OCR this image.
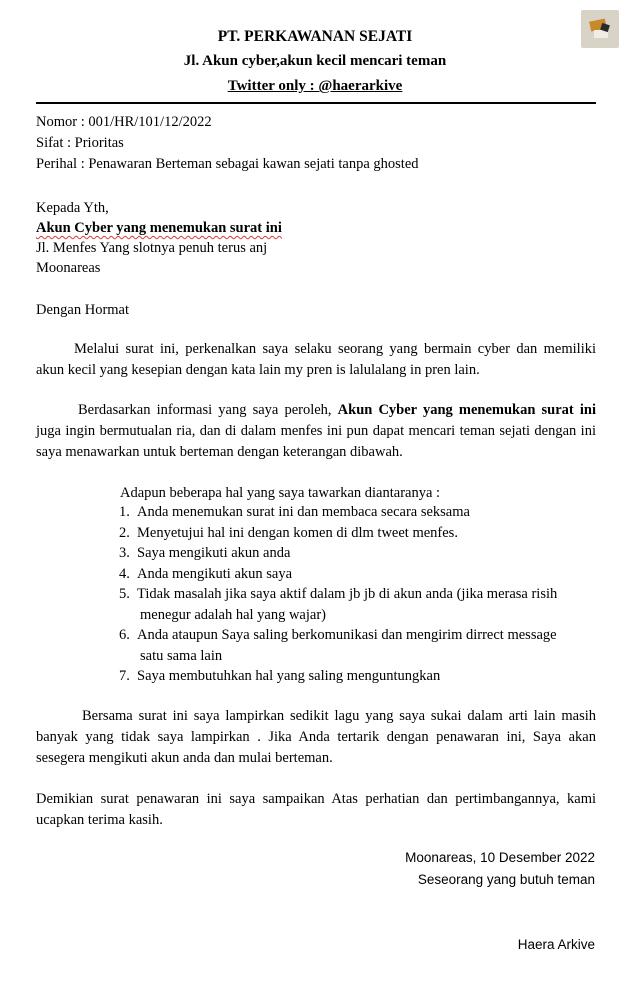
PT. PERKAWANAN SEJATI
Jl. Akun cyber,akun kecil mencari teman
Twitter only : @haerarkive
Nomor : 001/HR/101/12/2022
Sifat : Prioritas
Perihal : Penawaran Berteman sebagai kawan sejati tanpa ghosted
Kepada Yth,
Akun Cyber yang menemukan surat ini
Jl. Menfes Yang slotnya penuh terus anj
Moonareas
Dengan Hormat
Melalui surat ini, perkenalkan saya selaku seorang yang bermain cyber dan memiliki akun kecil yang kesepian dengan kata lain my pren is lalulalang in pren lain.
Berdasarkan informasi yang saya peroleh, Akun Cyber yang menemukan surat ini juga ingin bermutualan ria, dan di dalam menfes ini pun dapat mencari teman sejati dengan ini saya menawarkan untuk berteman dengan keterangan dibawah.
Adapun beberapa hal yang saya tawarkan diantaranya :
1. Anda menemukan surat ini dan membaca secara seksama
2. Menyetujui hal ini dengan komen di dlm tweet menfes.
3. Saya mengikuti akun anda
4. Anda mengikuti akun saya
5. Tidak masalah jika saya aktif dalam jb jb di akun anda (jika merasa risih
menegur adalah hal yang wajar)
6. Anda ataupun Saya saling berkomunikasi dan mengirim dirrect message
satu sama lain
7. Saya membutuhkan hal yang saling menguntungkan
Bersama surat ini saya lampirkan sedikit lagu yang saya sukai dalam arti lain masih banyak yang tidak saya lampirkan . Jika Anda tertarik dengan penawaran ini, Saya akan sesegera mengikuti akun anda dan mulai berteman.
Demikian surat penawaran ini saya sampaikan Atas perhatian dan pertimbangannya, kami ucapkan terima kasih.
Moonareas, 10 Desember 2022
Seseorang yang butuh teman
Haera Arkive
